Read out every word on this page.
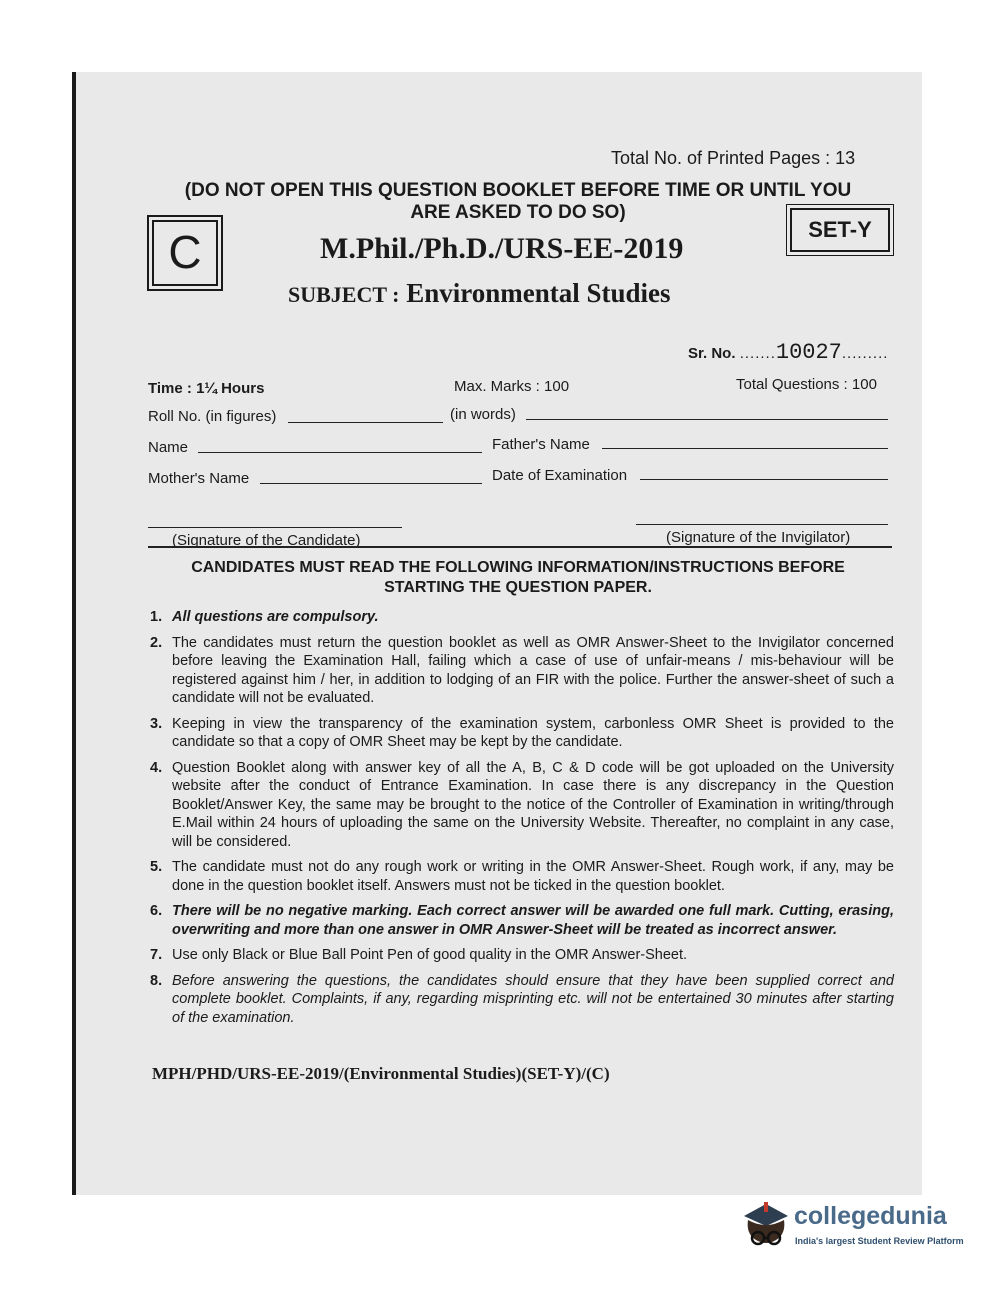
Total No. of Printed Pages : 13
(DO NOT OPEN THIS QUESTION BOOKLET BEFORE TIME OR UNTIL YOU
ARE ASKED TO DO SO)
C	SET-Y
M.Phil./Ph.D./URS-EE-2019
SUBJECT : Environmental Studies
Sr. No. .......10027.........
Time : 1¼ Hours	Max. Marks : 100	Total Questions : 100
Roll No. (in figures)	(in words)
Name	Father's Name
Mother's Name	Date of Examination
(Signature of the Candidate)	(Signature of the Invigilator)
CANDIDATES MUST READ THE FOLLOWING INFORMATION/INSTRUCTIONS BEFORE
STARTING THE QUESTION PAPER.
1. All questions are compulsory.
2. The candidates must return the question booklet as well as OMR Answer-Sheet to the Invigilator concerned before leaving the Examination Hall, failing which a case of use of unfair-means / mis-behaviour will be registered against him / her, in addition to lodging of an FIR with the police. Further the answer-sheet of such a candidate will not be evaluated.
3. Keeping in view the transparency of the examination system, carbonless OMR Sheet is provided to the candidate so that a copy of OMR Sheet may be kept by the candidate.
4. Question Booklet along with answer key of all the A, B, C & D code will be got uploaded on the University website after the conduct of Entrance Examination. In case there is any discrepancy in the Question Booklet/Answer Key, the same may be brought to the notice of the Controller of Examination in writing/through E.Mail within 24 hours of uploading the same on the University Website. Thereafter, no complaint in any case, will be considered.
5. The candidate must not do any rough work or writing in the OMR Answer-Sheet. Rough work, if any, may be done in the question booklet itself. Answers must not be ticked in the question booklet.
6. There will be no negative marking. Each correct answer will be awarded one full mark. Cutting, erasing, overwriting and more than one answer in OMR Answer-Sheet will be treated as incorrect answer.
7. Use only Black or Blue Ball Point Pen of good quality in the OMR Answer-Sheet.
8. Before answering the questions, the candidates should ensure that they have been supplied correct and complete booklet. Complaints, if any, regarding misprinting etc. will not be entertained 30 minutes after starting of the examination.
MPH/PHD/URS-EE-2019/(Environmental Studies)(SET-Y)/(C)
collegedunia
India's largest Student Review Platform
